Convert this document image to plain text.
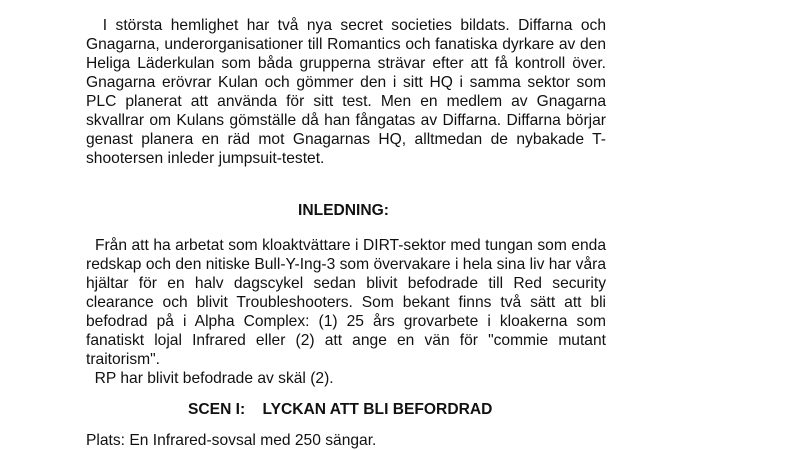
I största hemlighet har två nya secret societies bildats. Diffarna och
Gnagarna, underorganisationer till Romantics och fanatiska dyrkare av den
Heliga Läderkulan som båda grupperna strävar efter att få kontroll över.
Gnagarna erövrar Kulan och gömmer den i sitt HQ i samma sektor som
PLC planerat att använda för sitt test. Men en medlem av Gnagarna
skvallrar om Kulans gömställe då han fångatas av Diffarna. Diffarna börjar
genast planera en räd mot Gnagarnas HQ, alltmedan de nybakade T-
shootersen inleder jumpsuit-testet.
INLEDNING:
Från att ha arbetat som kloaktvättare i DIRT-sektor med tungan som enda
redskap och den nitiske Bull-Y-Ing-3 som övervakare i hela sina liv har våra
hjältar för en halv dagscykel sedan blivit befodrade till Red security
clearance och blivit Troubleshooters. Som bekant finns två sätt att bli
befodrad på i Alpha Complex: (1) 25 års grovarbete i kloakerna som
fanatiskt lojal Infrared eller (2) att ange en vän för "commie mutant
traitorism".
RP har blivit befodrade av skäl (2).
SCEN I:    LYCKAN ATT BLI BEFORDRAD
Plats: En Infrared-sovsal med 250 sängar.
